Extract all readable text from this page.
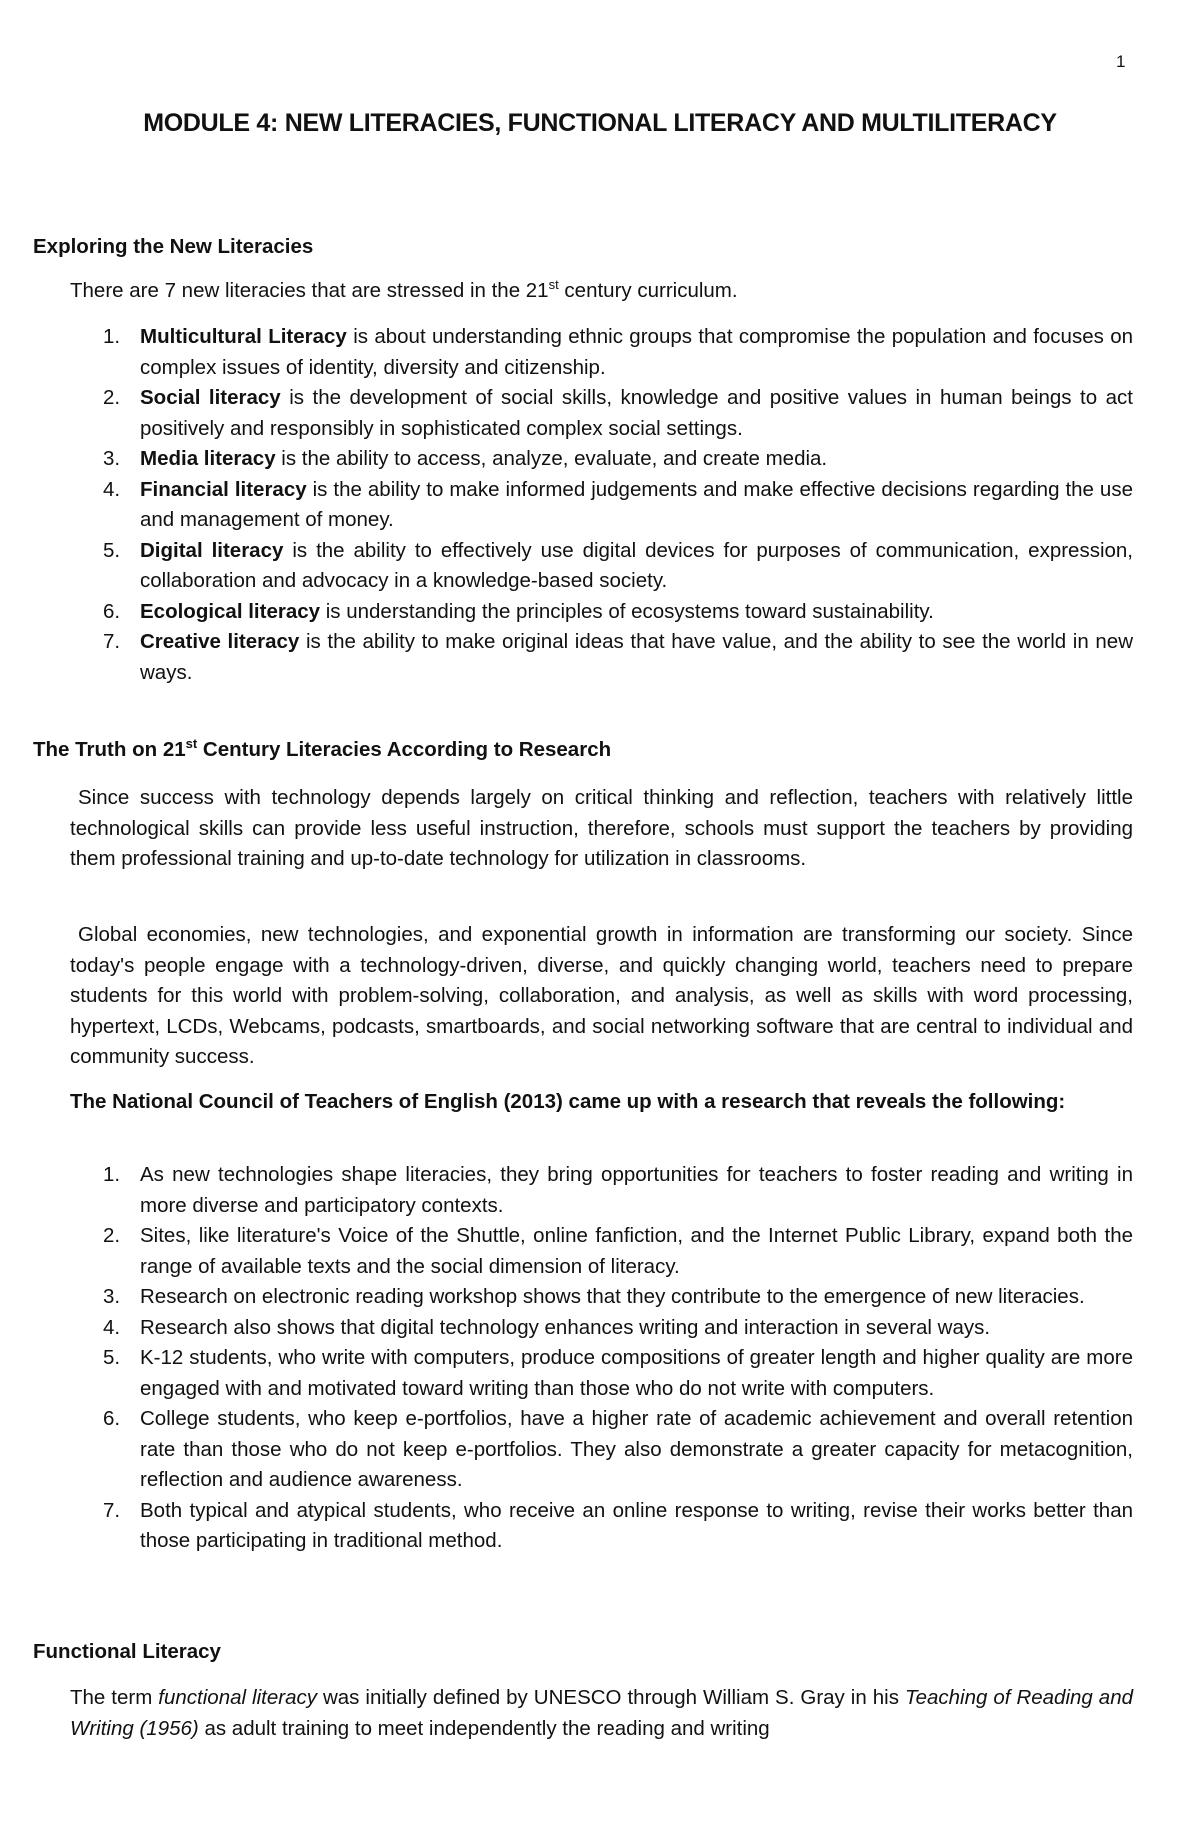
1
MODULE 4: NEW LITERACIES, FUNCTIONAL LITERACY AND MULTILITERACY
Exploring the New Literacies
There are 7 new literacies that are stressed in the 21st century curriculum.
1. Multicultural Literacy is about understanding ethnic groups that compromise the population and focuses on complex issues of identity, diversity and citizenship.
2. Social literacy is the development of social skills, knowledge and positive values in human beings to act positively and responsibly in sophisticated complex social settings.
3. Media literacy is the ability to access, analyze, evaluate, and create media.
4. Financial literacy is the ability to make informed judgements and make effective decisions regarding the use and management of money.
5. Digital literacy is the ability to effectively use digital devices for purposes of communication, expression, collaboration and advocacy in a knowledge-based society.
6. Ecological literacy is understanding the principles of ecosystems toward sustainability.
7. Creative literacy is the ability to make original ideas that have value, and the ability to see the world in new ways.
The Truth on 21st Century Literacies According to Research
Since success with technology depends largely on critical thinking and reflection, teachers with relatively little technological skills can provide less useful instruction, therefore, schools must support the teachers by providing them professional training and up-to-date technology for utilization in classrooms.
Global economies, new technologies, and exponential growth in information are transforming our society. Since today's people engage with a technology-driven, diverse, and quickly changing world, teachers need to prepare students for this world with problem-solving, collaboration, and analysis, as well as skills with word processing, hypertext, LCDs, Webcams, podcasts, smartboards, and social networking software that are central to individual and community success.
The National Council of Teachers of English (2013) came up with a research that reveals the following:
1. As new technologies shape literacies, they bring opportunities for teachers to foster reading and writing in more diverse and participatory contexts.
2. Sites, like literature's Voice of the Shuttle, online fanfiction, and the Internet Public Library, expand both the range of available texts and the social dimension of literacy.
3. Research on electronic reading workshop shows that they contribute to the emergence of new literacies.
4. Research also shows that digital technology enhances writing and interaction in several ways.
5. K-12 students, who write with computers, produce compositions of greater length and higher quality are more engaged with and motivated toward writing than those who do not write with computers.
6. College students, who keep e-portfolios, have a higher rate of academic achievement and overall retention rate than those who do not keep e-portfolios. They also demonstrate a greater capacity for metacognition, reflection and audience awareness.
7. Both typical and atypical students, who receive an online response to writing, revise their works better than those participating in traditional method.
Functional Literacy
The term functional literacy was initially defined by UNESCO through William S. Gray in his Teaching of Reading and Writing (1956) as adult training to meet independently the reading and writing
